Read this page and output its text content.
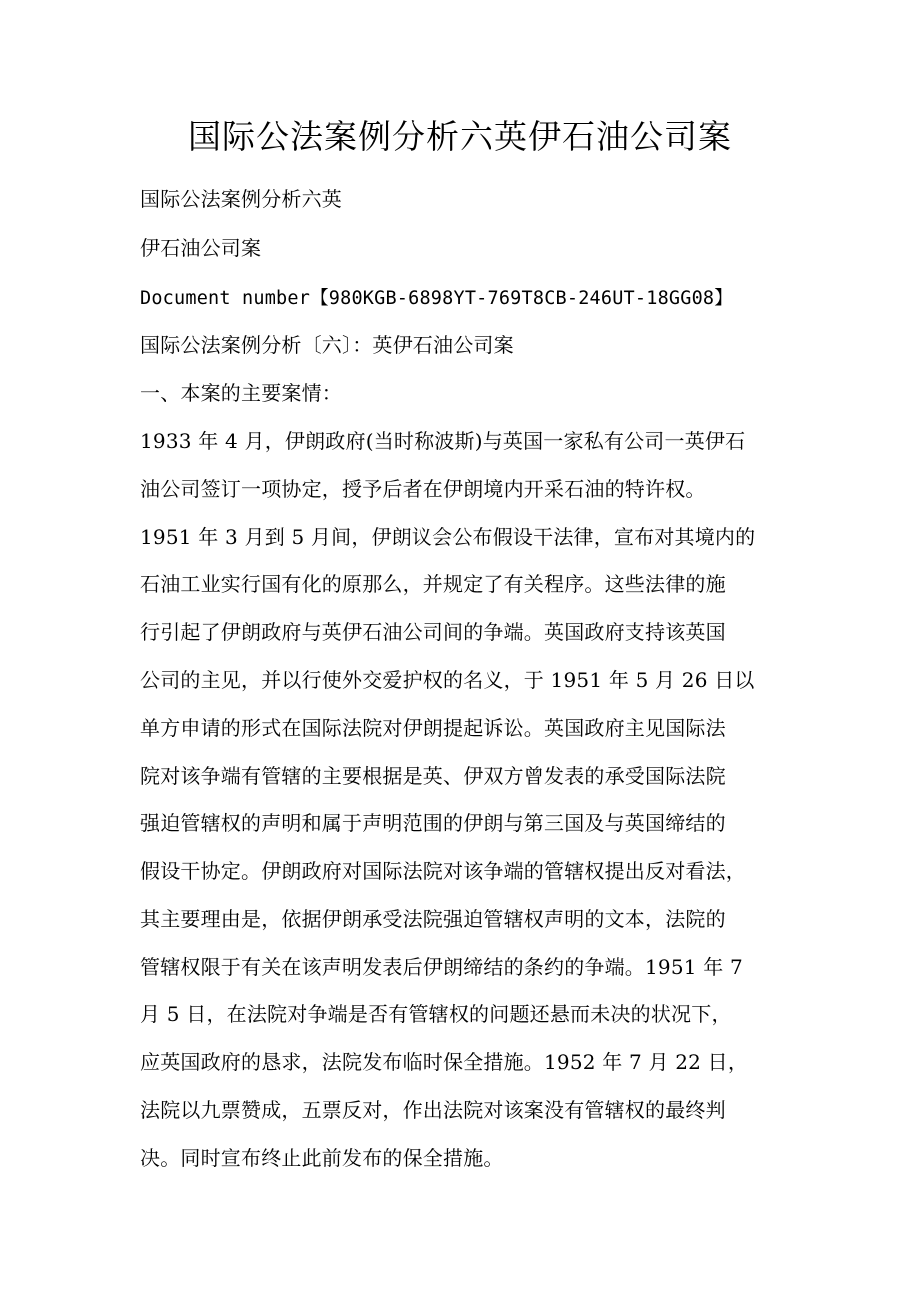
国际公法案例分析六英伊石油公司案

国际公法案例分析六英

伊石油公司案

Document number【980KGB-6898YT-769T8CB-246UT-18GG08】

国际公法案例分析〔六〕：英伊石油公司案

一、本案的主要案情：

1933 年 4 月，伊朗政府(当时称波斯)与英国一家私有公司一英伊石

油公司签订一项协定，授予后者在伊朗境内开采石油的特许权。

1951 年 3 月到 5 月间，伊朗议会公布假设干法律，宣布对其境内的

石油工业实行国有化的原那么，并规定了有关程序。这些法律的施

行引起了伊朗政府与英伊石油公司间的争端。英国政府支持该英国

公司的主见，并以行使外交爱护权的名义，于 1951 年 5 月 26 日以

单方申请的形式在国际法院对伊朗提起诉讼。英国政府主见国际法

院对该争端有管辖的主要根据是英、伊双方曾发表的承受国际法院

强迫管辖权的声明和属于声明范围的伊朗与第三国及与英国缔结的

假设干协定。伊朗政府对国际法院对该争端的管辖权提出反对看法，

其主要理由是，依据伊朗承受法院强迫管辖权声明的文本，法院的

管辖权限于有关在该声明发表后伊朗缔结的条约的争端。1951 年 7

月 5 日，在法院对争端是否有管辖权的问题还悬而未决的状况下，

应英国政府的恳求，法院发布临时保全措施。1952 年 7 月 22 日，

法院以九票赞成，五票反对，作出法院对该案没有管辖权的最终判

决。同时宣布终止此前发布的保全措施。
